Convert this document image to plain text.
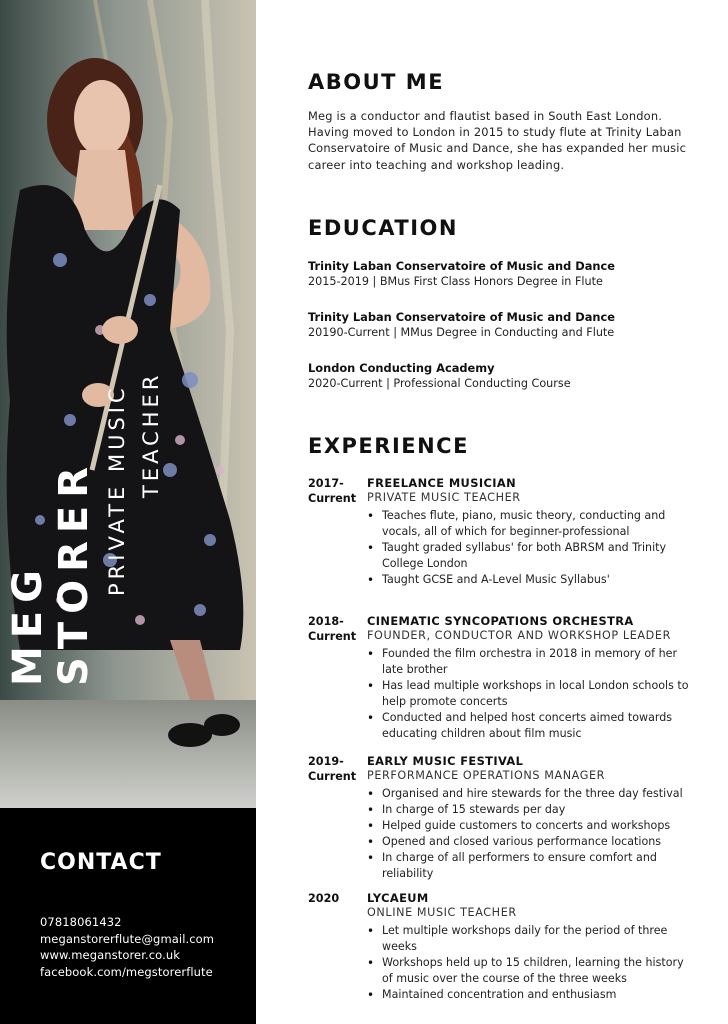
MEG STORER PRIVATE MUSIC TEACHER
CONTACT
07818061432
meganstorerflute@gmail.com
www.meganstorer.co.uk
facebook.com/megstorerflute
ABOUT ME

Meg is a conductor and flautist based in South East London. Having moved to London in 2015 to study flute at Trinity Laban Conservatoire of Music and Dance, she has expanded her music career into teaching and workshop leading.

EDUCATION
Trinity Laban Conservatoire of Music and Dance
2015-2019 | BMus First Class Honors Degree in Flute
Trinity Laban Conservatoire of Music and Dance
20190-Current | MMus Degree in Conducting and Flute
London Conducting Academy
2020-Current | Professional Conducting Course
EXPERIENCE
2017-
Current
FREELANCE MUSICIAN
PRIVATE MUSIC TEACHER
• Teaches flute, piano, music theory, conducting and vocals, all of which for beginner-professional
• Taught graded syllabus' for both ABRSM and Trinity College London
• Taught GCSE and A-Level Music Syllabus'
2018-
Current
CINEMATIC SYNCOPATIONS ORCHESTRA
FOUNDER, CONDUCTOR AND WORKSHOP LEADER
• Founded the film orchestra in 2018 in memory of her late brother
• Has lead multiple workshops in local London schools to help promote concerts
• Conducted and helped host concerts aimed towards educating children about film music
2019-
Current
EARLY MUSIC FESTIVAL
PERFORMANCE OPERATIONS MANAGER
• Organised and hire stewards for the three day festival
• In charge of 15 stewards per day
• Helped guide customers to concerts and workshops
• Opened and closed various performance locations
• In charge of all performers to ensure comfort and reliability
2020	LYCAEUM
ONLINE MUSIC TEACHER
• Let multiple workshops daily for the period of three weeks
• Workshops held up to 15 children, learning the history of music over the course of the three weeks
• Maintained concentration and enthusiasm
